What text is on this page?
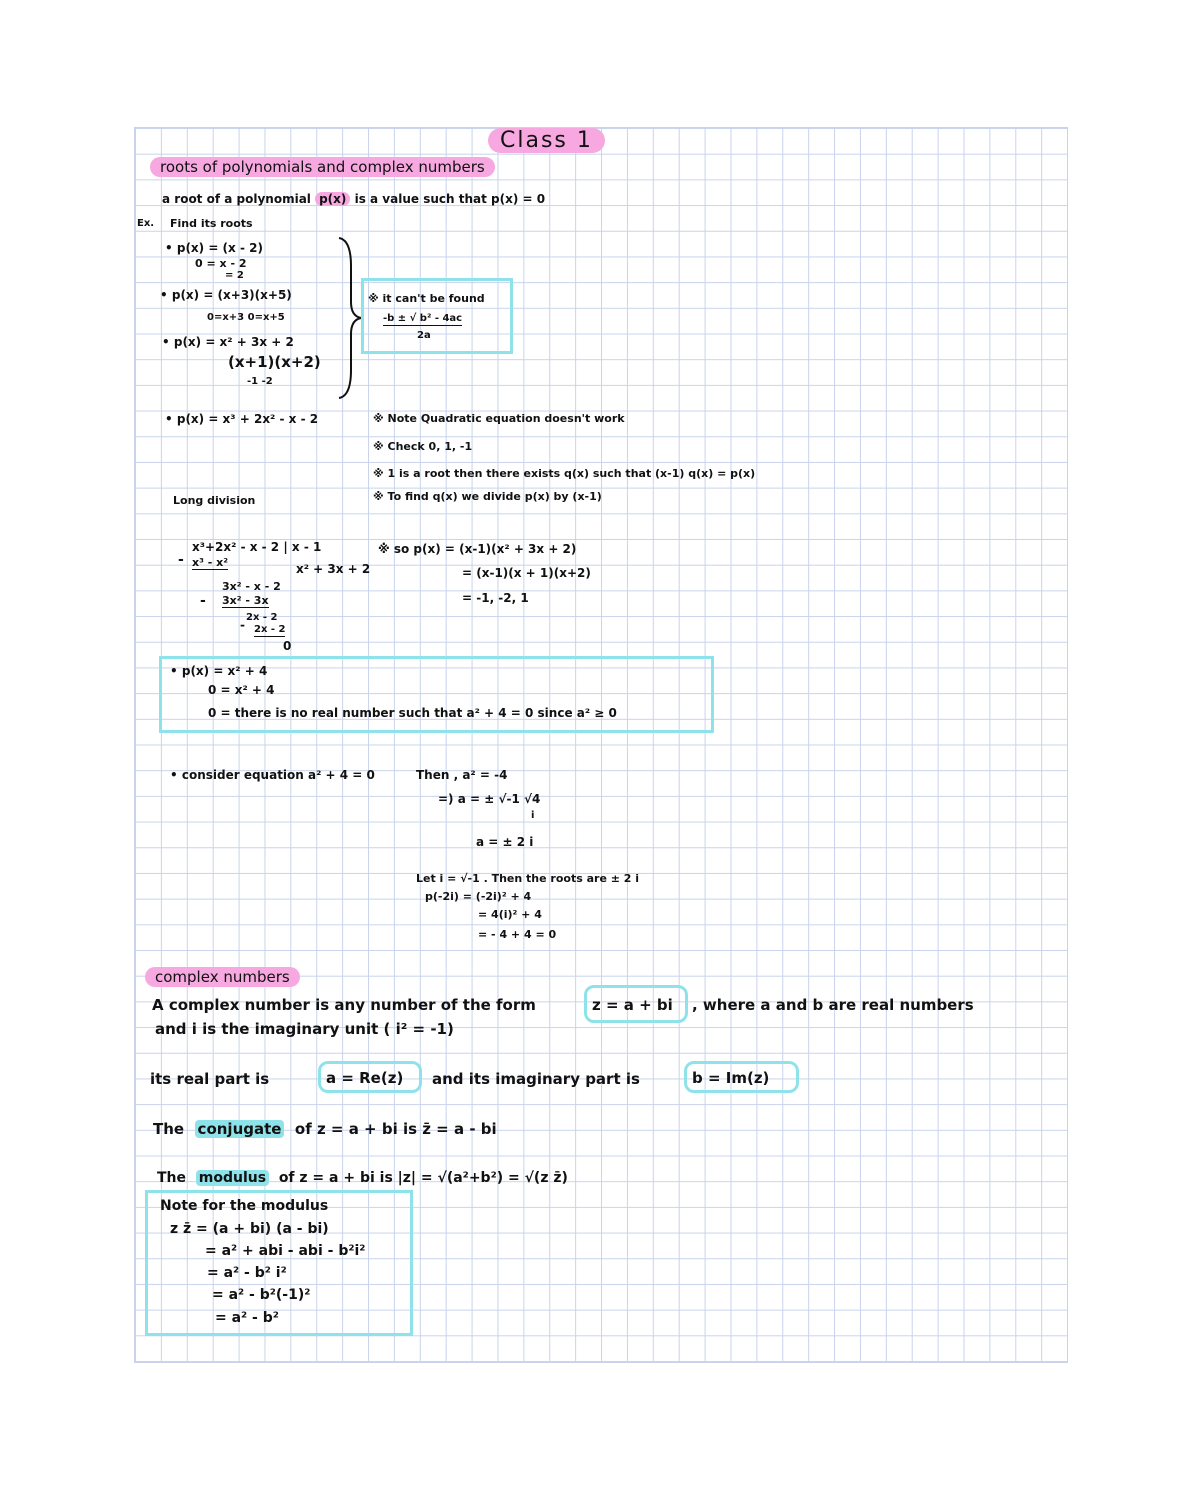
Class 1
roots of polynomials and complex numbers
a root of a polynomial p(x) is a value such that p(x) = 0
Ex. Find its roots
• p(x) = (x - 2)
0 = x - 2
= 2
• p(x) = (x+3)(x+5)
0=x+3 0=x+5
• p(x) = x² + 3x + 2
(x+1)(x+2)
-1 -2
※ it can't be found
-b ± √ b² - 4ac
2a
• p(x) = x³ + 2x² - x - 2	※ Note Quadratic equation doesn't work
※ Check 0, 1, -1
※ 1 is a root then there exists q(x) such that (x-1) q(x) = p(x)
※ To find q(x) we divide p(x) by (x-1)
Long division
x³+2x² - x - 2 | x - 1
- x³ - x²	x² + 3x + 2
3x² - x - 2
- 3x² - 3x
2x - 2
- 2x - 2
0
※ so p(x) = (x-1)(x² + 3x + 2)
= (x-1)(x + 1)(x+2)
= -1, -2, 1
• p(x) = x² + 4
0 = x² + 4
0 = there is no real number such that a² + 4 = 0 since a² ≥ 0
• consider equation a² + 4 = 0	Then , a² = -4
=) a = ± √-1 √4
i
a = ± 2 i
Let i = √-1 . Then the roots are ± 2 i
p(-2i) = (-2i)² + 4
= 4(i)² + 4
= - 4 + 4 = 0
complex numbers
A complex number is any number of the form	z = a + bi , where a and b are real numbers
and i is the imaginary unit ( i² = -1)
its real part is	a = Re(z) and its imaginary part is	b = Im(z)
The conjugate of z = a + bi is z̄ = a - bi
The modulus of z = a + bi is |z| = √(a²+b²) = √(z z̄)
Note for the modulus
z z̄ = (a + bi) (a - bi)
= a² + abi - abi - b²i²
= a² - b² i²
= a² - b²(-1)²
= a² - b²
